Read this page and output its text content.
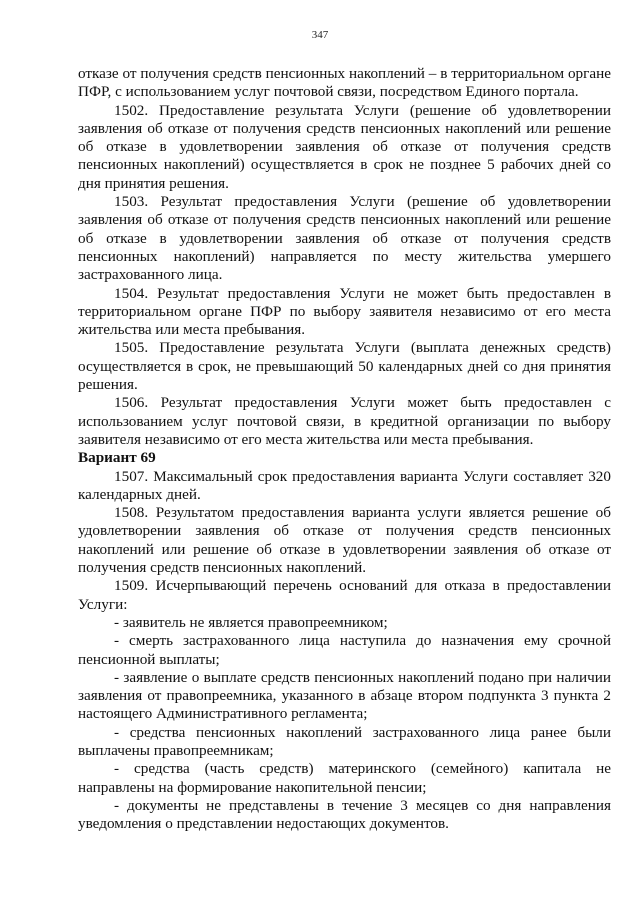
347

отказе от получения средств пенсионных накоплений – в территориальном органе ПФР, с использованием услуг почтовой связи, посредством Единого портала.

1502. Предоставление результата Услуги (решение об удовлетворении заявления об отказе от получения средств пенсионных накоплений или решение об отказе в удовлетворении заявления об отказе от получения средств пенсионных накоплений) осуществляется в срок не позднее 5 рабочих дней со дня принятия решения.

1503. Результат предоставления Услуги (решение об удовлетворении заявления об отказе от получения средств пенсионных накоплений или решение об отказе в удовлетворении заявления об отказе от получения средств пенсионных накоплений) направляется по месту жительства умершего застрахованного лица.

1504. Результат предоставления Услуги не может быть предоставлен в территориальном органе ПФР по выбору заявителя независимо от его места жительства или места пребывания.

1505. Предоставление результата Услуги (выплата денежных средств) осуществляется в срок, не превышающий 50 календарных дней со дня принятия решения.

1506. Результат предоставления Услуги может быть предоставлен с использованием услуг почтовой связи, в кредитной организации по выбору заявителя независимо от его места жительства или места пребывания.

Вариант 69

1507. Максимальный срок предоставления варианта Услуги составляет 320 календарных дней.

1508. Результатом предоставления варианта услуги является решение об удовлетворении заявления об отказе от получения средств пенсионных накоплений или решение об отказе в удовлетворении заявления об отказе от получения средств пенсионных накоплений.

1509. Исчерпывающий перечень оснований для отказа в предоставлении Услуги:

- заявитель не является правопреемником;

- смерть застрахованного лица наступила до назначения ему срочной пенсионной выплаты;

- заявление о выплате средств пенсионных накоплений подано при наличии заявления от правопреемника, указанного в абзаце втором подпункта 3 пункта 2 настоящего Административного регламента;

- средства пенсионных накоплений застрахованного лица ранее были выплачены правопреемникам;

- средства (часть средств) материнского (семейного) капитала не направлены на формирование накопительной пенсии;

- документы не представлены в течение 3 месяцев со дня направления уведомления о представлении недостающих документов.
